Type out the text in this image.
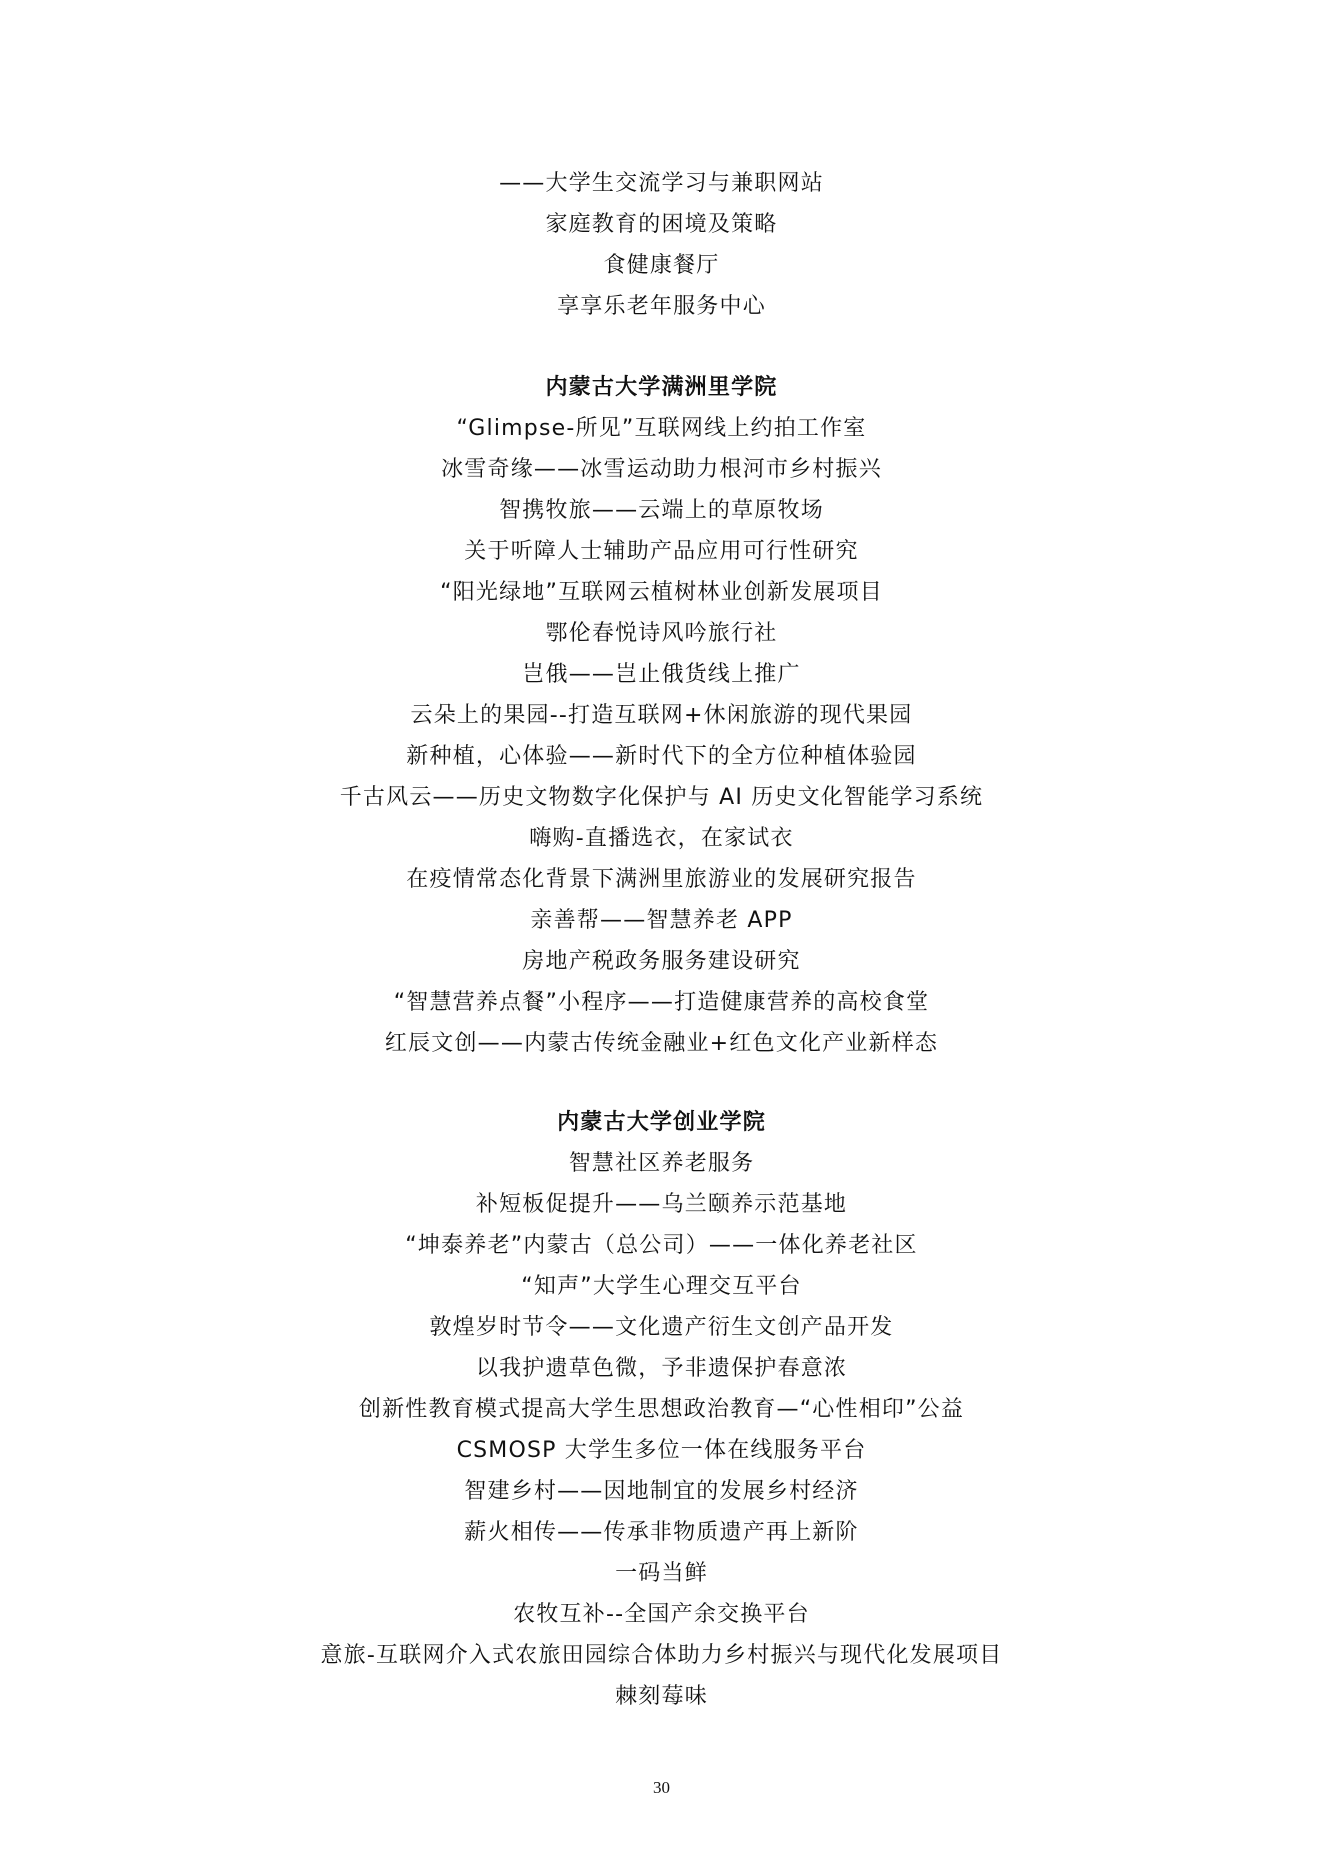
——大学生交流学习与兼职网站
家庭教育的困境及策略
食健康餐厅
享享乐老年服务中心
内蒙古大学满洲里学院
“Glimpse-所见”互联网线上约拍工作室
冰雪奇缘——冰雪运动助力根河市乡村振兴
智携牧旅——云端上的草原牧场
关于听障人士辅助产品应用可行性研究
“阳光绿地”互联网云植树林业创新发展项目
鄂伦春悦诗风吟旅行社
岂俄——岂止俄货线上推广
云朵上的果园--打造互联网+休闲旅游的现代果园
新种植，心体验——新时代下的全方位种植体验园
千古风云——历史文物数字化保护与 AI 历史文化智能学习系统
嗨购-直播选衣，在家试衣
在疫情常态化背景下满洲里旅游业的发展研究报告
亲善帮——智慧养老 APP
房地产税政务服务建设研究
“智慧营养点餐”小程序——打造健康营养的高校食堂
红辰文创——内蒙古传统金融业+红色文化产业新样态
内蒙古大学创业学院
智慧社区养老服务
补短板促提升——乌兰颐养示范基地
“坤泰养老”内蒙古（总公司）——一体化养老社区
“知声”大学生心理交互平台
敦煌岁时节令——文化遗产衍生文创产品开发
以我护遗草色微，予非遗保护春意浓
创新性教育模式提高大学生思想政治教育—“心性相印”公益
CSMOSP 大学生多位一体在线服务平台
智建乡村——因地制宜的发展乡村经济
薪火相传——传承非物质遗产再上新阶
一码当鲜
农牧互补--全国产余交换平台
意旅-互联网介入式农旅田园综合体助力乡村振兴与现代化发展项目
棘刻莓味
30
